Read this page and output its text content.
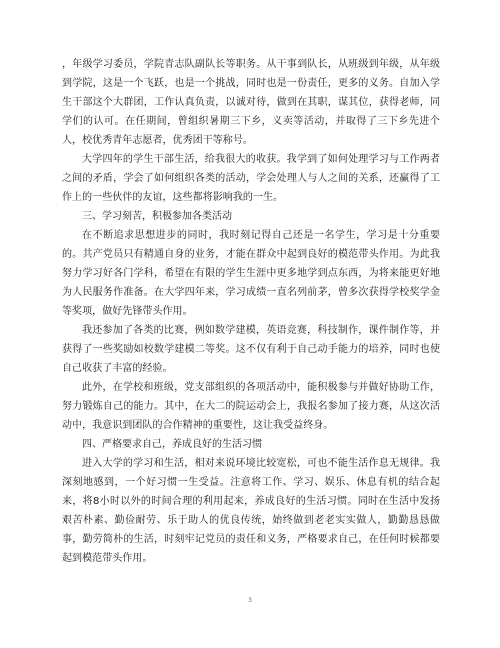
，年级学习委员，学院青志队副队长等职务。从干事到队长，从班级到年级，从年级到学院，这是一个飞跃，也是一个挑战，同时也是一份责任，更多的义务。自加入学生干部这个大群团，工作认真负责，以诚对待，做到在其职，谋其位，获得老师，同学们的认可。在任期间，曾组织暑期三下乡，义卖等活动，并取得了三下乡先进个人，校优秀青年志愿者，优秀团干等称号。

大学四年的学生干部生活，给我很大的收获。我学到了如何处理学习与工作两者之间的矛盾，学会了如何组织各类的活动，学会处理人与人之间的关系，还赢得了工作上的一些伙伴的友谊，这些都将影响我的一生。

三、学习刻苦，积极参加各类活动

在不断追求思想进步的同时，我时刻记得自己还是一名学生，学习是十分重要的。共产党员只有精通自身的业务，才能在群众中起到良好的模范带头作用。为此我努力学习好各门学科，希望在有限的学生生涯中更多地学到点东西，为将来能更好地为人民服务作准备。在大学四年来，学习成绩一直名列前茅，曾多次获得学校奖学金等奖项，做好先锋带头作用。

我还参加了各类的比赛，例如数学建模，英语竞赛，科技制作，课件制作等，并获得了一些奖励如校数学建模二等奖。这不仅有利于自己动手能力的培养，同时也使自己收获了丰富的经验。

此外，在学校和班级，党支部组织的各项活动中，能积极参与并做好协助工作，努力锻炼自己的能力。其中，在大二的院运动会上，我报名参加了接力赛，从这次活动中，我意识到团队的合作精神的重要性，这让我受益终身。

四、严格要求自己，养成良好的生活习惯

进入大学的学习和生活，相对来说环境比较宽松，可也不能生活作息无规律。我深刻地感到，一个好习惯一生受益。注意将工作、学习、娱乐、休息有机的结合起来，将8小时以外的时间合理的利用起来，养成良好的生活习惯。同时在生活中发扬艰苦朴素、勤俭耐劳、乐于助人的优良传统，始终做到老老实实做人，勤勤恳恳做事，勤劳简朴的生活，时刻牢记党员的责任和义务，严格要求自己，在任何时候都要起到模范带头作用。

3
